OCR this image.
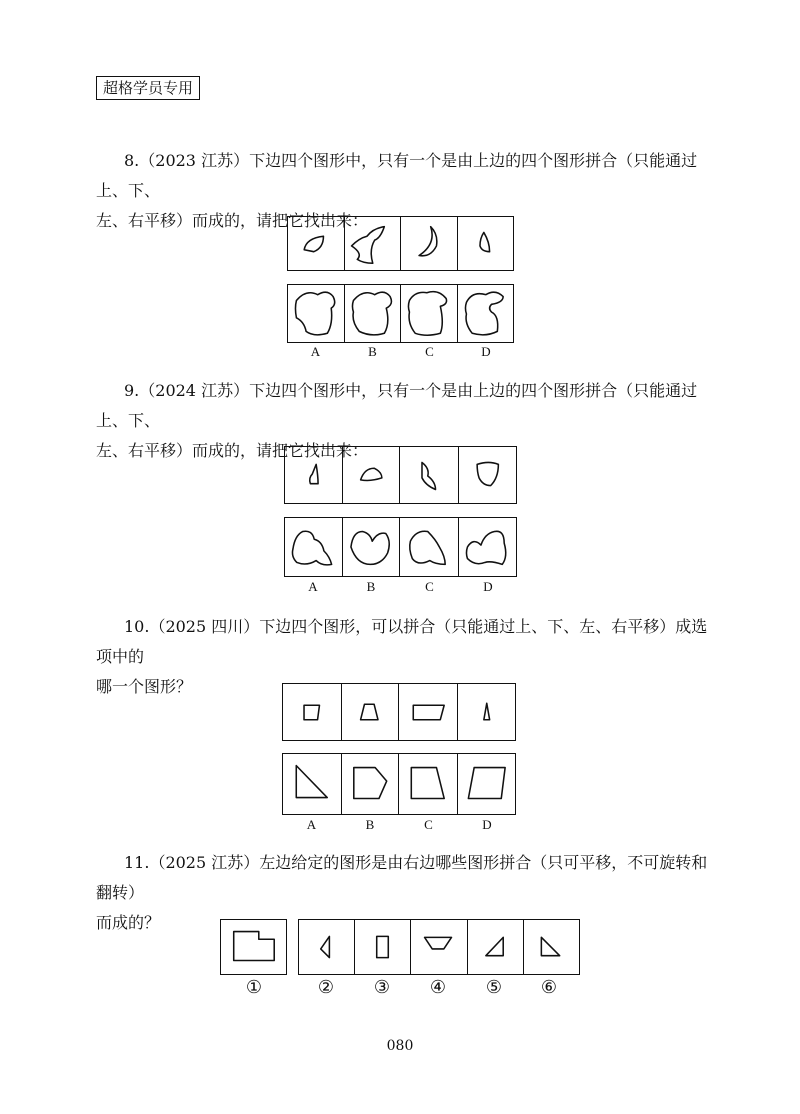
超格学员专用

8.（2023 江苏）下边四个图形中，只有一个是由上边的四个图形拼合（只能通过上、下、

左、右平移）而成的，请把它找出来：

A	B	C	D

9.（2024 江苏）下边四个图形中，只有一个是由上边的四个图形拼合（只能通过上、下、

左、右平移）而成的，请把它找出来：

A	B	C	D

10.（2025 四川）下边四个图形，可以拼合（只能通过上、下、左、右平移）成选项中的

哪一个图形？

A	B	C	D

11.（2025 江苏）左边给定的图形是由右边哪些图形拼合（只可平移，不可旋转和翻转）

而成的？

①	②	③	④	⑤	⑥
080
